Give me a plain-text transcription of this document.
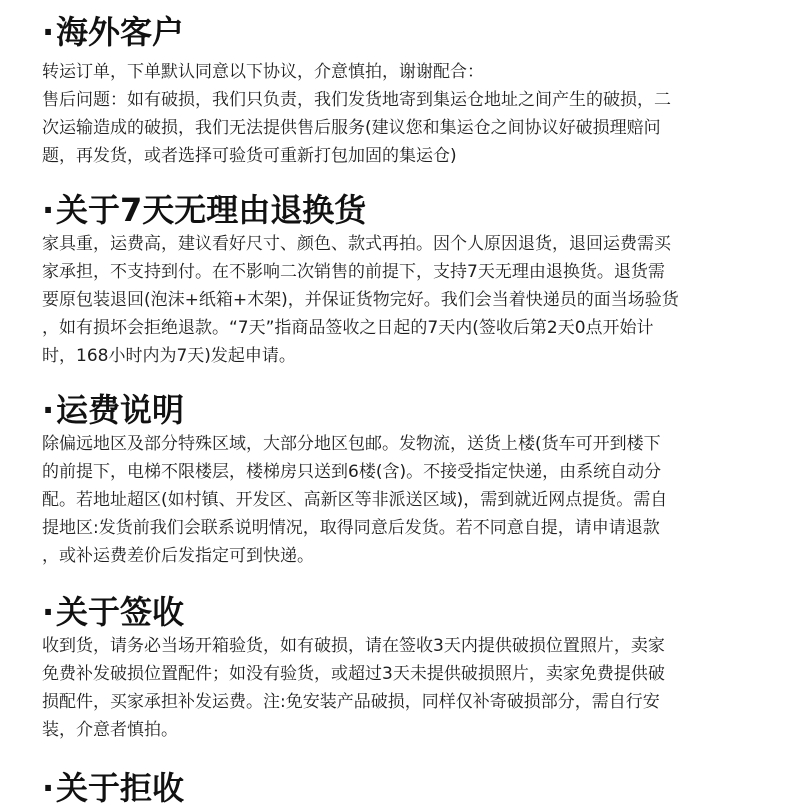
·海外客户
转运订单，下单默认同意以下协议，介意慎拍，谢谢配合：
售后问题：如有破损，我们只负责，我们发货地寄到集运仓地址之间产生的破损，二
次运输造成的破损，我们无法提供售后服务(建议您和集运仓之间协议好破损理赔问
题，再发货，或者选择可验货可重新打包加固的集运仓)
·关于7天无理由退换货
家具重，运费高，建议看好尺寸、颜色、款式再拍。因个人原因退货，退回运费需买
家承担，不支持到付。在不影响二次销售的前提下，支持7天无理由退换货。退货需
要原包装退回(泡沫+纸箱+木架)，并保证货物完好。我们会当着快递员的面当场验货
，如有损坏会拒绝退款。“7天”指商品签收之日起的7天内(签收后第2天0点开始计
时，168小时内为7天)发起申请。
·运费说明
除偏远地区及部分特殊区域，大部分地区包邮。发物流，送货上楼(货车可开到楼下
的前提下，电梯不限楼层，楼梯房只送到6楼(含)。不接受指定快递，由系统自动分
配。若地址超区(如村镇、开发区、高新区等非派送区域)，需到就近网点提货。需自
提地区:发货前我们会联系说明情况，取得同意后发货。若不同意自提，请申请退款
，或补运费差价后发指定可到快递。
·关于签收
收到货，请务必当场开箱验货，如有破损，请在签收3天内提供破损位置照片，卖家
免费补发破损位置配件；如没有验货，或超过3天未提供破损照片，卖家免费提供破
损配件，买家承担补发运费。注:免安装产品破损，同样仅补寄破损部分，需自行安
装，介意者慎拍。
·关于拒收
